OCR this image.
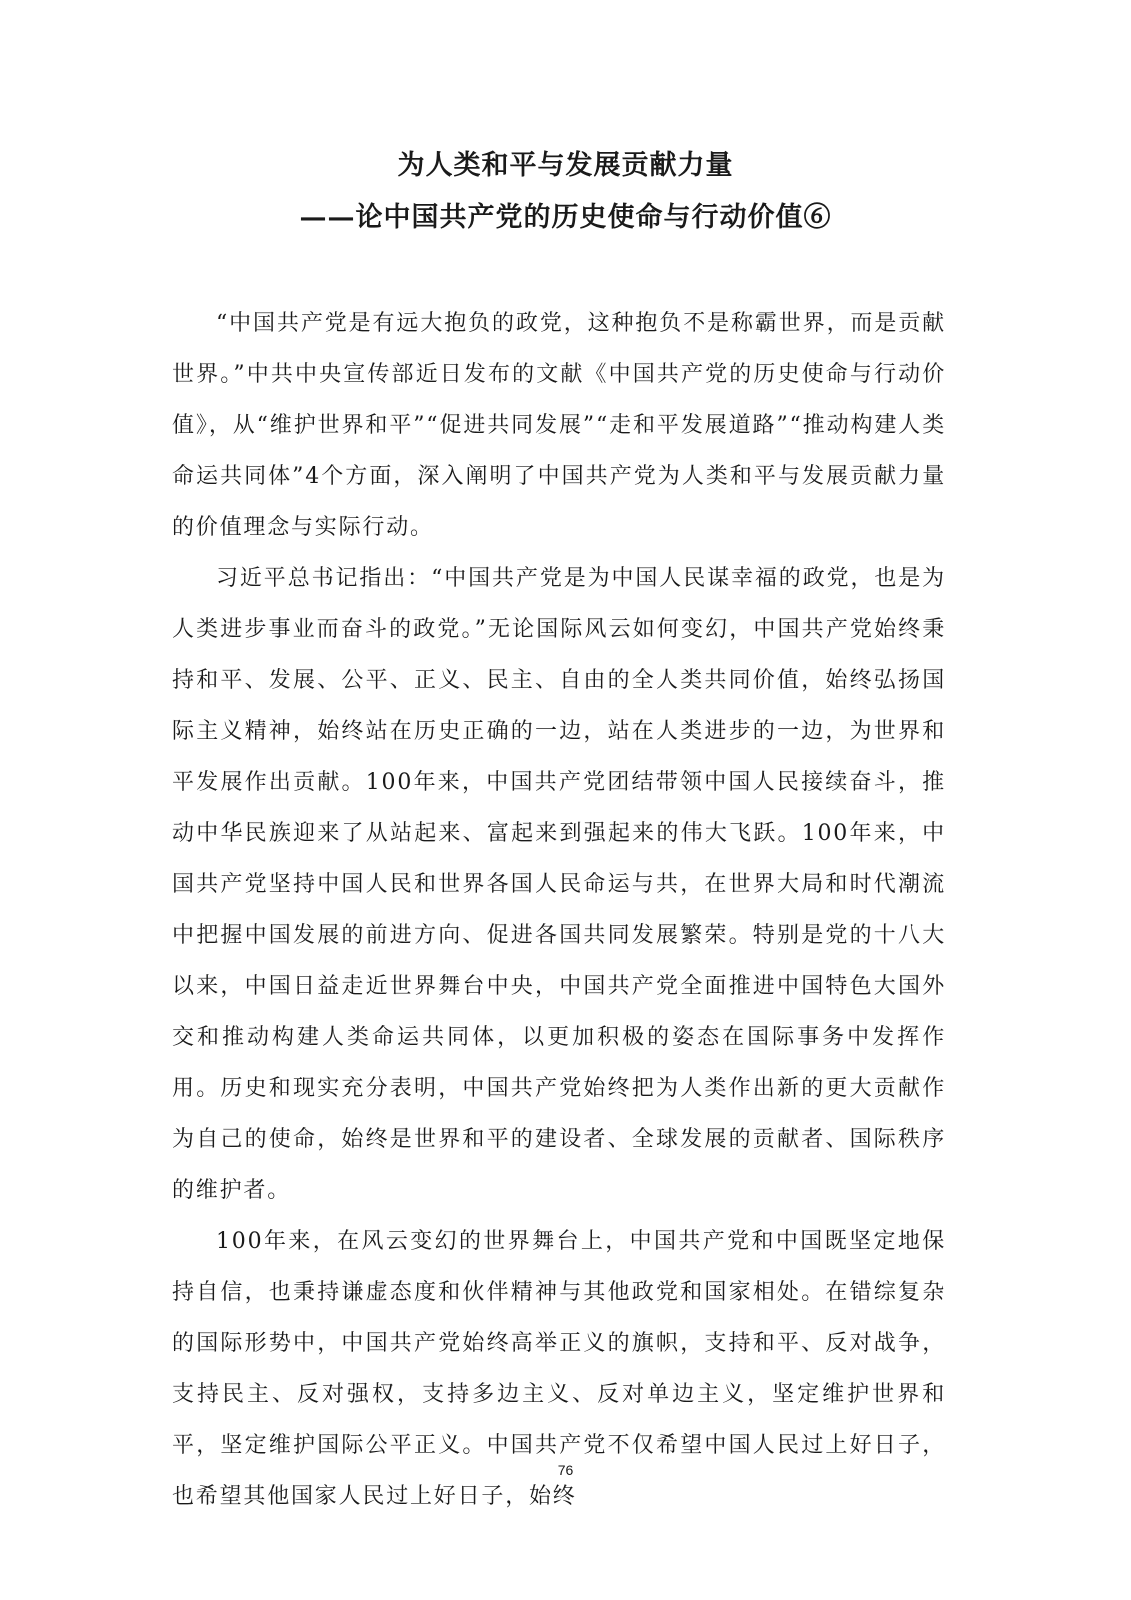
为人类和平与发展贡献力量
——论中国共产党的历史使命与行动价值⑥

“中国共产党是有远大抱负的政党，这种抱负不是称霸世界，而是贡献世界。”中共中央宣传部近日发布的文献《中国共产党的历史使命与行动价值》，从“维护世界和平”“促进共同发展”“走和平发展道路”“推动构建人类命运共同体”4个方面，深入阐明了中国共产党为人类和平与发展贡献力量的价值理念与实际行动。

习近平总书记指出：“中国共产党是为中国人民谋幸福的政党，也是为人类进步事业而奋斗的政党。”无论国际风云如何变幻，中国共产党始终秉持和平、发展、公平、正义、民主、自由的全人类共同价值，始终弘扬国际主义精神，始终站在历史正确的一边，站在人类进步的一边，为世界和平发展作出贡献。100年来，中国共产党团结带领中国人民接续奋斗，推动中华民族迎来了从站起来、富起来到强起来的伟大飞跃。100年来，中国共产党坚持中国人民和世界各国人民命运与共，在世界大局和时代潮流中把握中国发展的前进方向、促进各国共同发展繁荣。特别是党的十八大以来，中国日益走近世界舞台中央，中国共产党全面推进中国特色大国外交和推动构建人类命运共同体，以更加积极的姿态在国际事务中发挥作用。历史和现实充分表明，中国共产党始终把为人类作出新的更大贡献作为自己的使命，始终是世界和平的建设者、全球发展的贡献者、国际秩序的维护者。

100年来，在风云变幻的世界舞台上，中国共产党和中国既坚定地保持自信，也秉持谦虚态度和伙伴精神与其他政党和国家相处。在错综复杂的国际形势中，中国共产党始终高举正义的旗帜，支持和平、反对战争，支持民主、反对强权，支持多边主义、反对单边主义，坚定维护世界和平，坚定维护国际公平正义。中国共产党不仅希望中国人民过上好日子，也希望其他国家人民过上好日子，始终

76
